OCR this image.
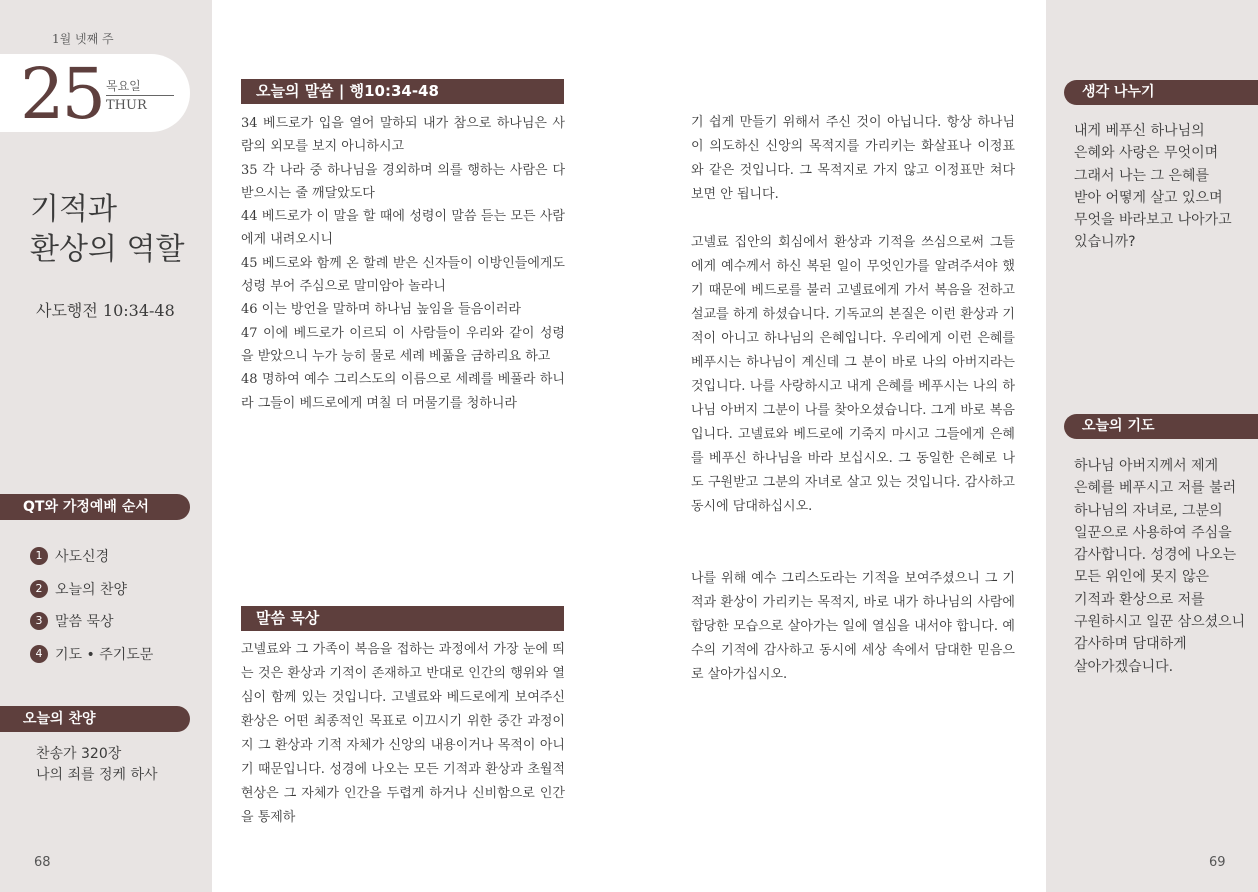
1월 넷째 주
25 목요일
THUR
기적과
환상의 역할
사도행전 10:34-48
QT와 가정예배 순서
1 사도신경
2 오늘의 찬양
3 말씀 묵상
4 기도 • 주기도문
오늘의 찬양
찬송가 320장
나의 죄를 정케 하사
68
오늘의 말씀 | 행10:34-48

34 베드로가 입을 열어 말하되 내가 참으로 하나님은 사람의 외모를 보지 아니하시고

35 각 나라 중 하나님을 경외하며 의를 행하는 사람은 다 받으시는 줄 깨달았도다

44 베드로가 이 말을 할 때에 성령이 말씀 듣는 모든 사람에게 내려오시니

45 베드로와 함께 온 할례 받은 신자들이 이방인들에게도 성령 부어 주심으로 말미암아 놀라니

46 이는 방언을 말하며 하나님 높임을 들음이러라

47 이에 베드로가 이르되 이 사람들이 우리와 같이 성령을 받았으니 누가 능히 물로 세례 베풂을 금하리요 하고

48 명하여 예수 그리스도의 이름으로 세례를 베풀라 하니라 그들이 베드로에게 며칠 더 머물기를 청하니라

말씀 묵상

고넬료와 그 가족이 복음을 접하는 과정에서 가장 눈에 띄는 것은 환상과 기적이 존재하고 반대로 인간의 행위와 열심이 함께 있는 것입니다. 고넬료와 베드로에게 보여주신 환상은 어떤 최종적인 목표로 이끄시기 위한 중간 과정이지 그 환상과 기적 자체가 신앙의 내용이거나 목적이 아니기 때문입니다. 성경에 나오는 모든 기적과 환상과 초월적 현상은 그 자체가 인간을 두렵게 하거나 신비함으로 인간을 통제하

기 쉽게 만들기 위해서 주신 것이 아닙니다. 항상 하나님이 의도하신 신앙의 목적지를 가리키는 화살표나 이정표와 같은 것입니다. 그 목적지로 가지 않고 이정표만 쳐다보면 안 됩니다.

고넬료 집안의 회심에서 환상과 기적을 쓰심으로써 그들에게 예수께서 하신 복된 일이 무엇인가를 알려주셔야 했기 때문에 베드로를 불러 고넬료에게 가서 복음을 전하고 설교를 하게 하셨습니다. 기독교의 본질은 이런 환상과 기적이 아니고 하나님의 은혜입니다. 우리에게 이런 은혜를 베푸시는 하나님이 계신데 그 분이 바로 나의 아버지라는 것입니다. 나를 사랑하시고 내게 은혜를 베푸시는 나의 하나님 아버지 그분이 나를 찾아오셨습니다. 그게 바로 복음입니다. 고넬료와 베드로에 기죽지 마시고 그들에게 은혜를 베푸신 하나님을 바라 보십시오. 그 동일한 은혜로 나도 구원받고 그분의 자녀로 살고 있는 것입니다. 감사하고 동시에 담대하십시오.

나를 위해 예수 그리스도라는 기적을 보여주셨으니 그 기적과 환상이 가리키는 목적지, 바로 내가 하나님의 사람에 합당한 모습으로 살아가는 일에 열심을 내서야 합니다. 예수의 기적에 감사하고 동시에 세상 속에서 담대한 믿음으로 살아가십시오.

생각 나누기
내게 베푸신 하나님의
은혜와 사랑은 무엇이며
그래서 나는 그 은혜를
받아 어떻게 살고 있으며
무엇을 바라보고 나아가고
있습니까?
오늘의 기도
하나님 아버지께서 제게
은혜를 베푸시고 저를 불러
하나님의 자녀로, 그분의
일꾼으로 사용하여 주심을
감사합니다. 성경에 나오는
모든 위인에 못지 않은
기적과 환상으로 저를
구원하시고 일꾼 삼으셨으니
감사하며 담대하게
살아가겠습니다.
69
